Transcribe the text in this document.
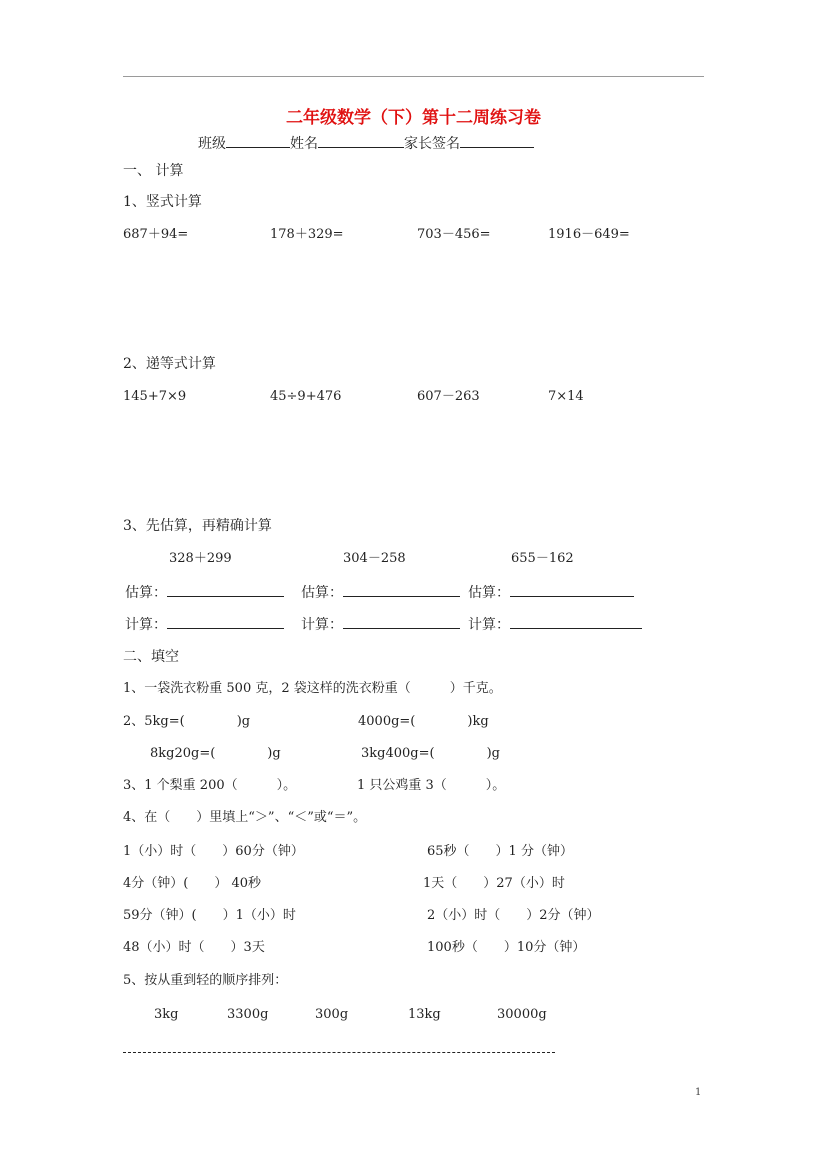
二年级数学（下）第十二周练习卷
班级	姓名	家长签名
一、 计算
1、竖式计算
687＋94=	178＋329=	703－456=	1916－649=
2、递等式计算
145+7×9	45÷9+476	607－263	7×14
3、先估算，再精确计算
328＋299	304－258	655－162
估算：	估算：	估算：
计算：	计算：	计算：
二、填空
1、一袋洗衣粉重 500 克，2 袋这样的洗衣粉重（　　　）千克。
2、5kg=(　　　　)g	4000g=(　　　　)kg
8kg20g=(　　　　)g	3kg400g=(　　　　)g
3、1 个梨重 200（　　　）。	1 只公鸡重 3（　　　）。
4、在（　　）里填上“＞”、“＜”或“＝”。
1（小）时（　　）60分（钟）	65秒（　　）1 分（钟）
4分（钟）(　　） 40秒	1天（　　）27（小）时
59分（钟）(　　）1（小）时	2（小）时（　　）2分（钟）
48（小）时（　　）3天	100秒（　　）10分（钟）
5、按从重到轻的顺序排列：
3kg	3300g	300g	13kg	30000g
1
